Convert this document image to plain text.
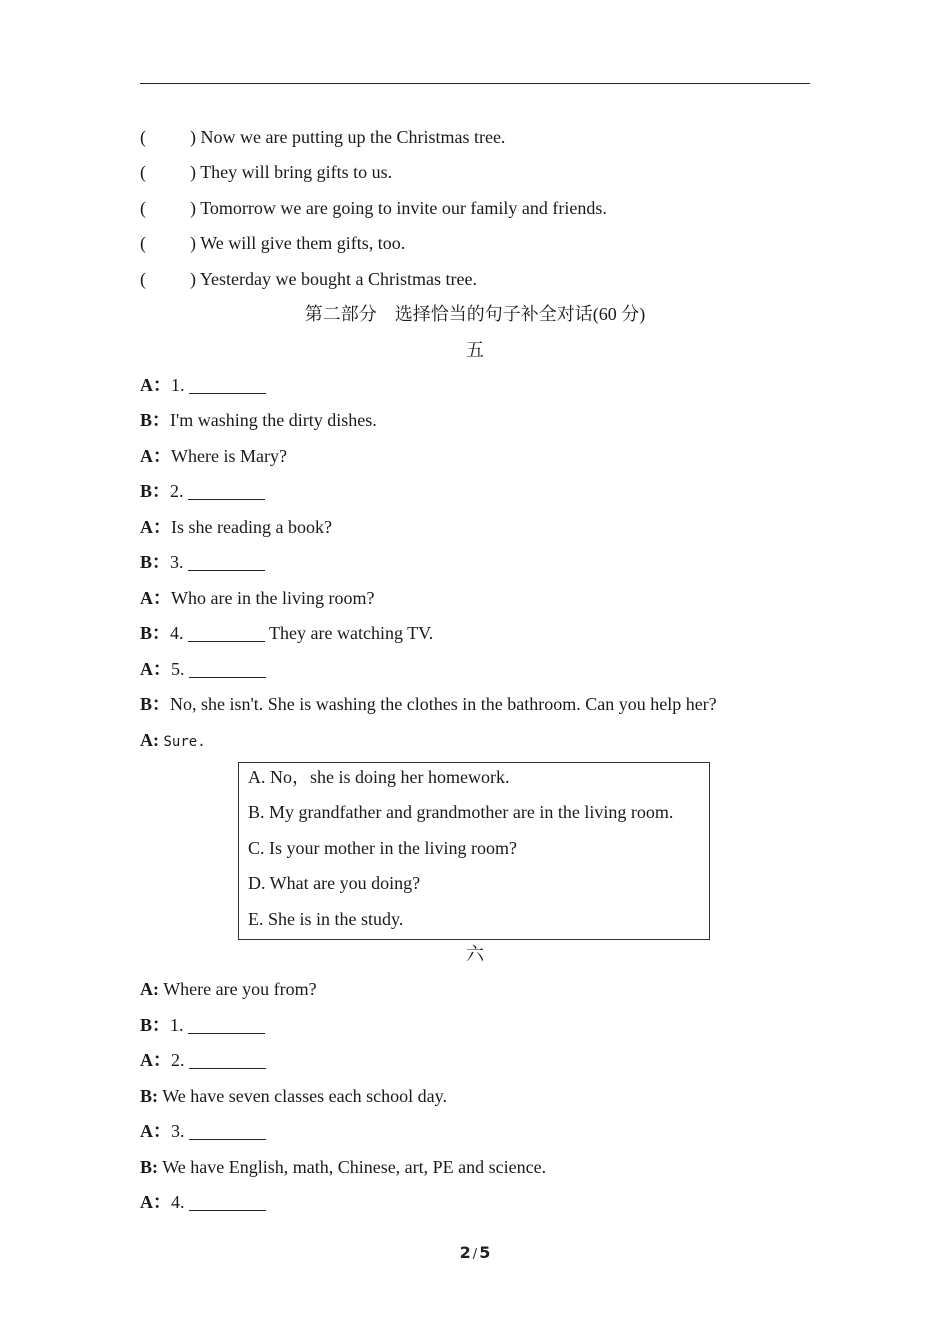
( ) Now we are putting up the Christmas tree.
( ) They will bring gifts to us.
( ) Tomorrow we are going to invite our family and friends.
( ) We will give them gifts, too.
( ) Yesterday we bought a Christmas tree.
第二部分    选择恰当的句子补全对话(60 分)
五
A：1.
B：I'm washing the dirty dishes.
A：Where is Mary?
B：2.
A：Is she reading a book?
B：3.
A：Who are in the living room?
B：4.	They are watching TV.
A：5.
B：No, she isn't. She is washing the clothes in the bathroom. Can you help her?
A: Sure.
A. No，she is doing her homework.
B. My grandfather and grandmother are in the living room.
C. Is your mother in the living room?
D. What are you doing?
E. She is in the study.
六
A: Where are you from?
B：1.
A：2.
B: We have seven classes each school day.
A：3.
B: We have English, math, Chinese, art, PE and science.
A：4.
2 / 5
